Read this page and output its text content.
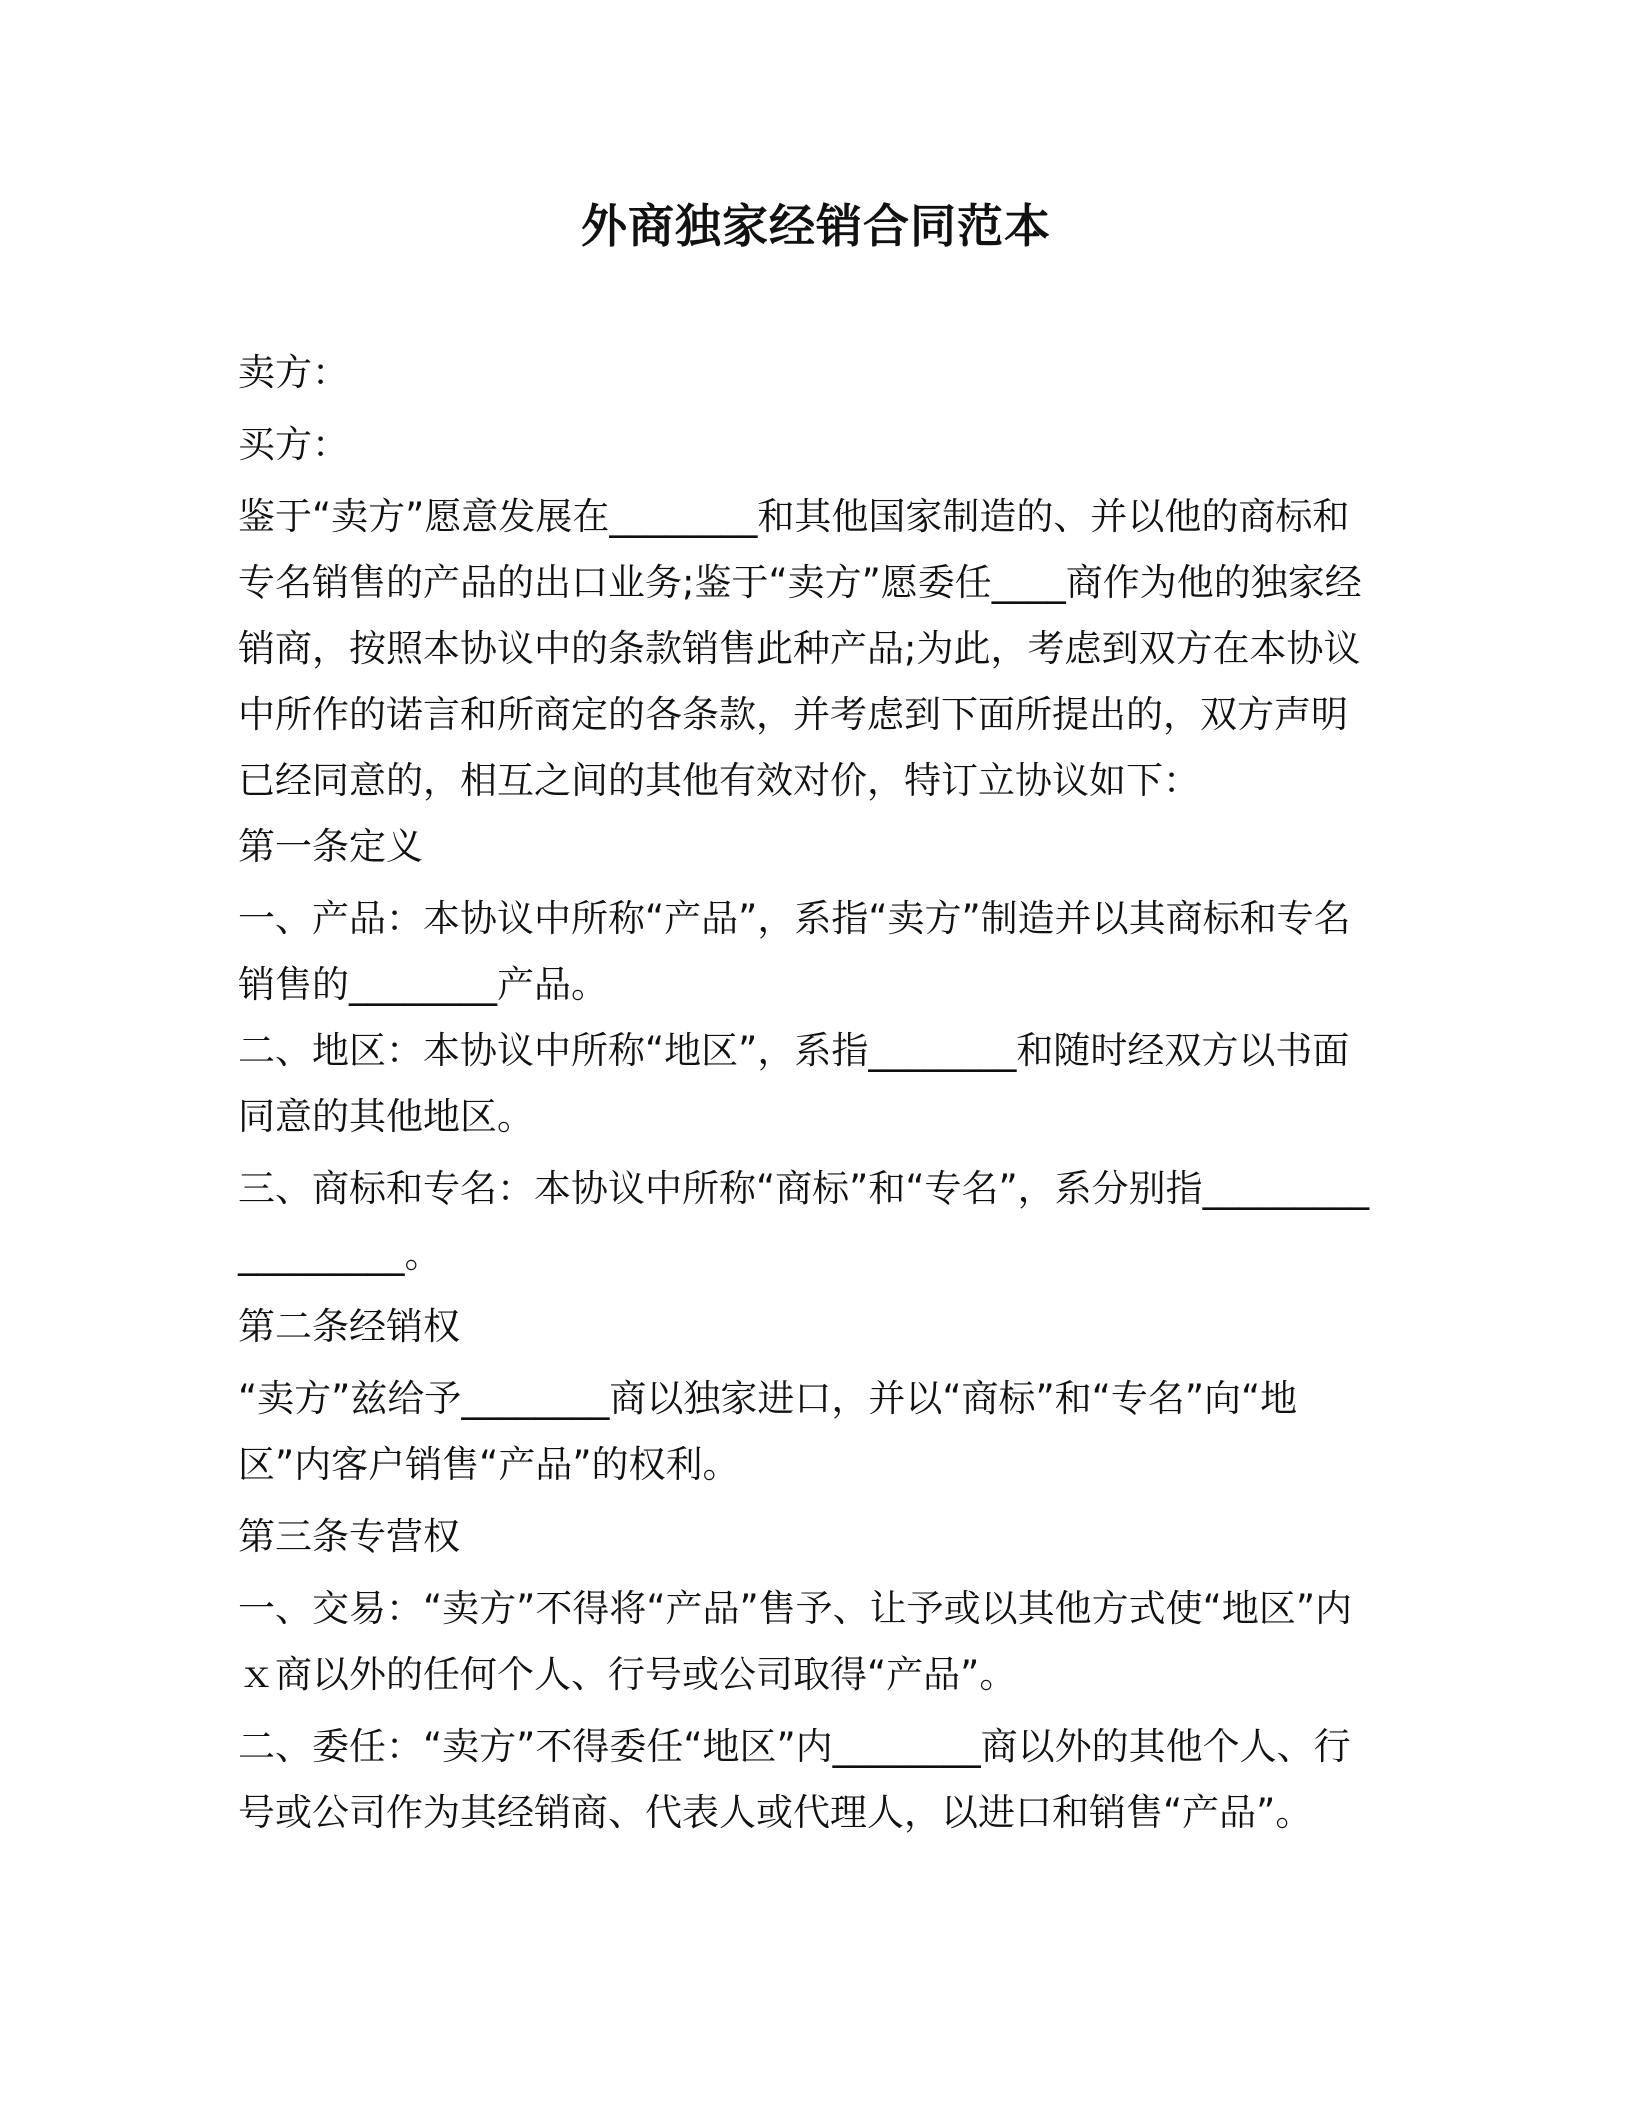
外商独家经销合同范本

卖方：

买方：

鉴于“卖方”愿意发展在________和其他国家制造的、并以他的商标和专名销售的产品的出口业务;鉴于“卖方”愿委任____商作为他的独家经销商，按照本协议中的条款销售此种产品;为此，考虑到双方在本协议中所作的诺言和所商定的各条款，并考虑到下面所提出的，双方声明已经同意的，相互之间的其他有效对价，特订立协议如下：

第一条定义

一、产品：本协议中所称“产品”，系指“卖方”制造并以其商标和专名销售的________产品。

二、地区：本协议中所称“地区”，系指________和随时经双方以书面同意的其他地区。

三、商标和专名：本协议中所称“商标”和“专名”，系分别指__________________。

第二条经销权

“卖方”兹给予________商以独家进口，并以“商标”和“专名”向“地区”内客户销售“产品”的权利。

第三条专营权

一、交易：“卖方”不得将“产品”售予、让予或以其他方式使“地区”内ｘ商以外的任何个人、行号或公司取得“产品”。

二、委任：“卖方”不得委任“地区”内________商以外的其他个人、行号或公司作为其经销商、代表人或代理人，以进口和销售“产品”。
